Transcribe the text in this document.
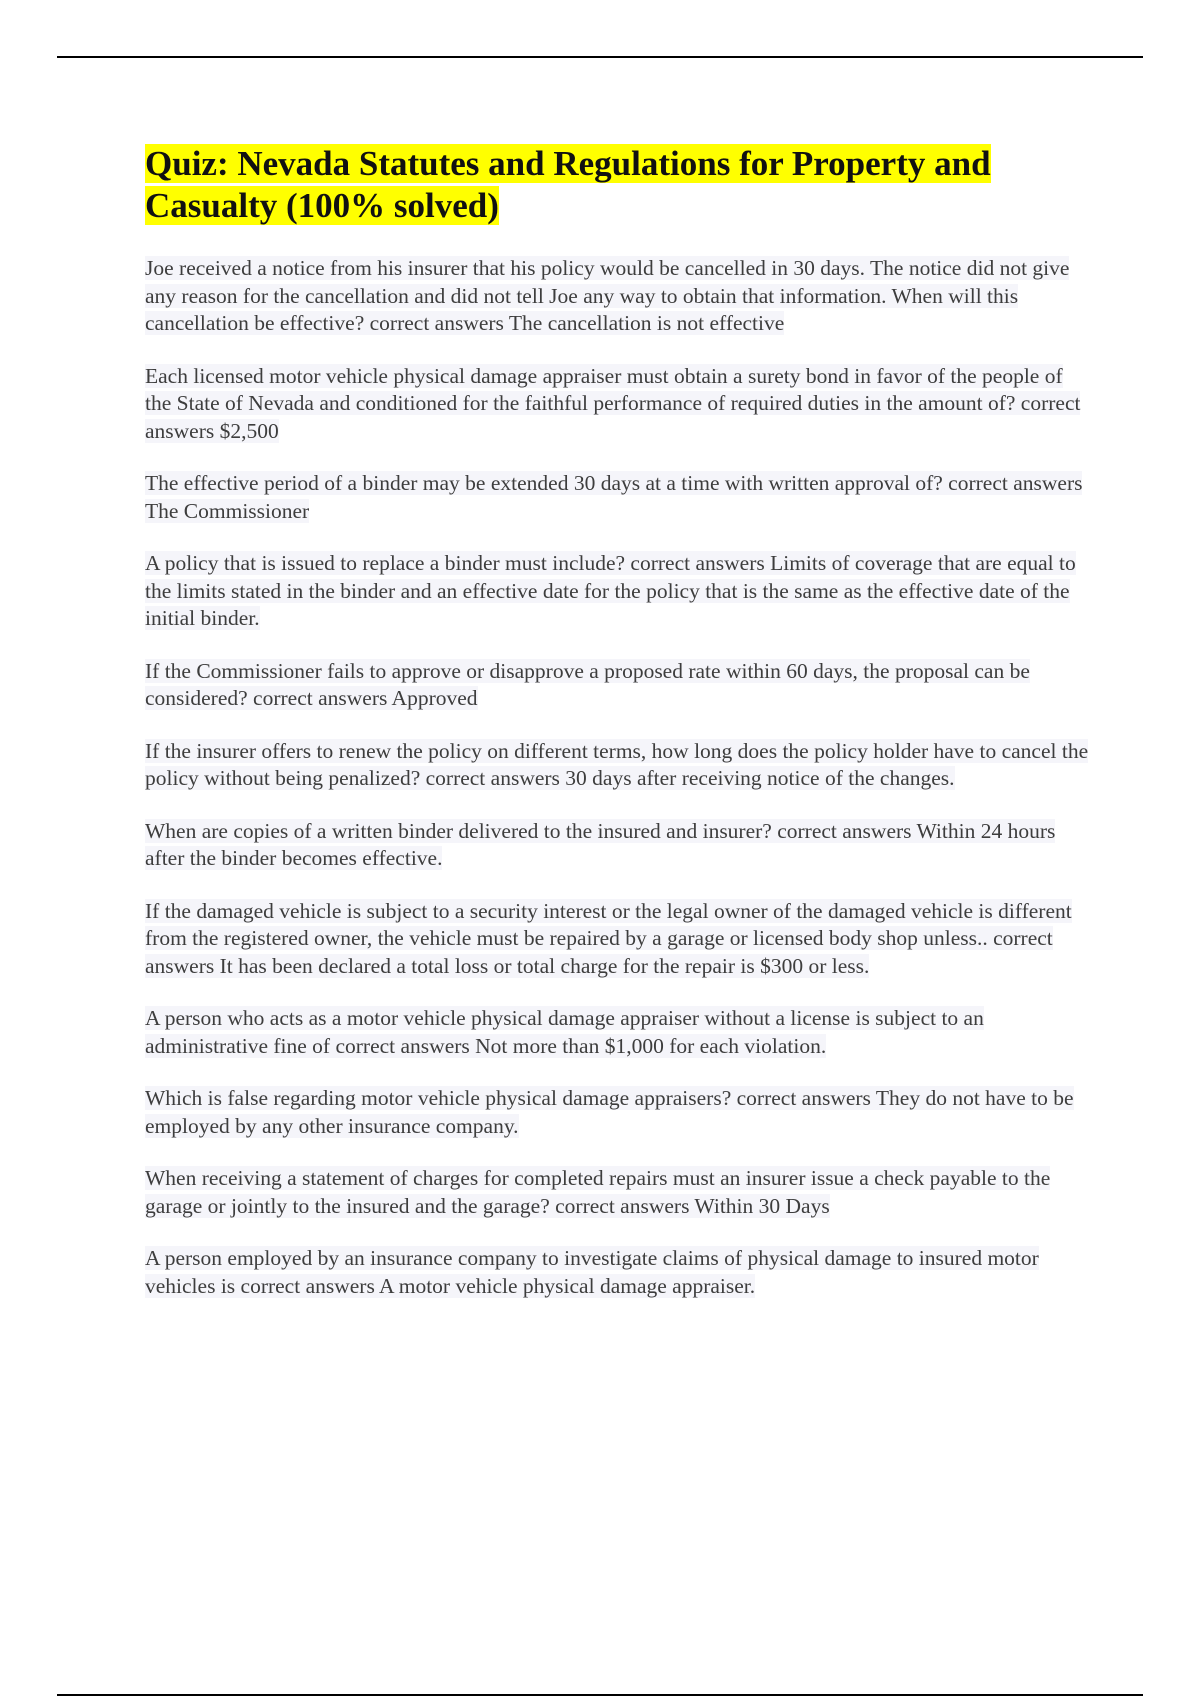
Quiz: Nevada Statutes and Regulations for Property and Casualty (100% solved)

Joe received a notice from his insurer that his policy would be cancelled in 30 days. The notice did not give any reason for the cancellation and did not tell Joe any way to obtain that information. When will this cancellation be effective? correct answers The cancellation is not effective

Each licensed motor vehicle physical damage appraiser must obtain a surety bond in favor of the people of the State of Nevada and conditioned for the faithful performance of required duties in the amount of? correct answers $2,500

The effective period of a binder may be extended 30 days at a time with written approval of? correct answers The Commissioner

A policy that is issued to replace a binder must include? correct answers Limits of coverage that are equal to the limits stated in the binder and an effective date for the policy that is the same as the effective date of the initial binder.

If the Commissioner fails to approve or disapprove a proposed rate within 60 days, the proposal can be considered? correct answers Approved

If the insurer offers to renew the policy on different terms, how long does the policy holder have to cancel the policy without being penalized? correct answers 30 days after receiving notice of the changes.

When are copies of a written binder delivered to the insured and insurer? correct answers Within 24 hours after the binder becomes effective.

If the damaged vehicle is subject to a security interest or the legal owner of the damaged vehicle is different from the registered owner, the vehicle must be repaired by a garage or licensed body shop unless.. correct answers It has been declared a total loss or total charge for the repair is $300 or less.

A person who acts as a motor vehicle physical damage appraiser without a license is subject to an administrative fine of correct answers Not more than $1,000 for each violation.

Which is false regarding motor vehicle physical damage appraisers? correct answers They do not have to be employed by any other insurance company.

When receiving a statement of charges for completed repairs must an insurer issue a check payable to the garage or jointly to the insured and the garage? correct answers Within 30 Days

A person employed by an insurance company to investigate claims of physical damage to insured motor vehicles is correct answers A motor vehicle physical damage appraiser.
